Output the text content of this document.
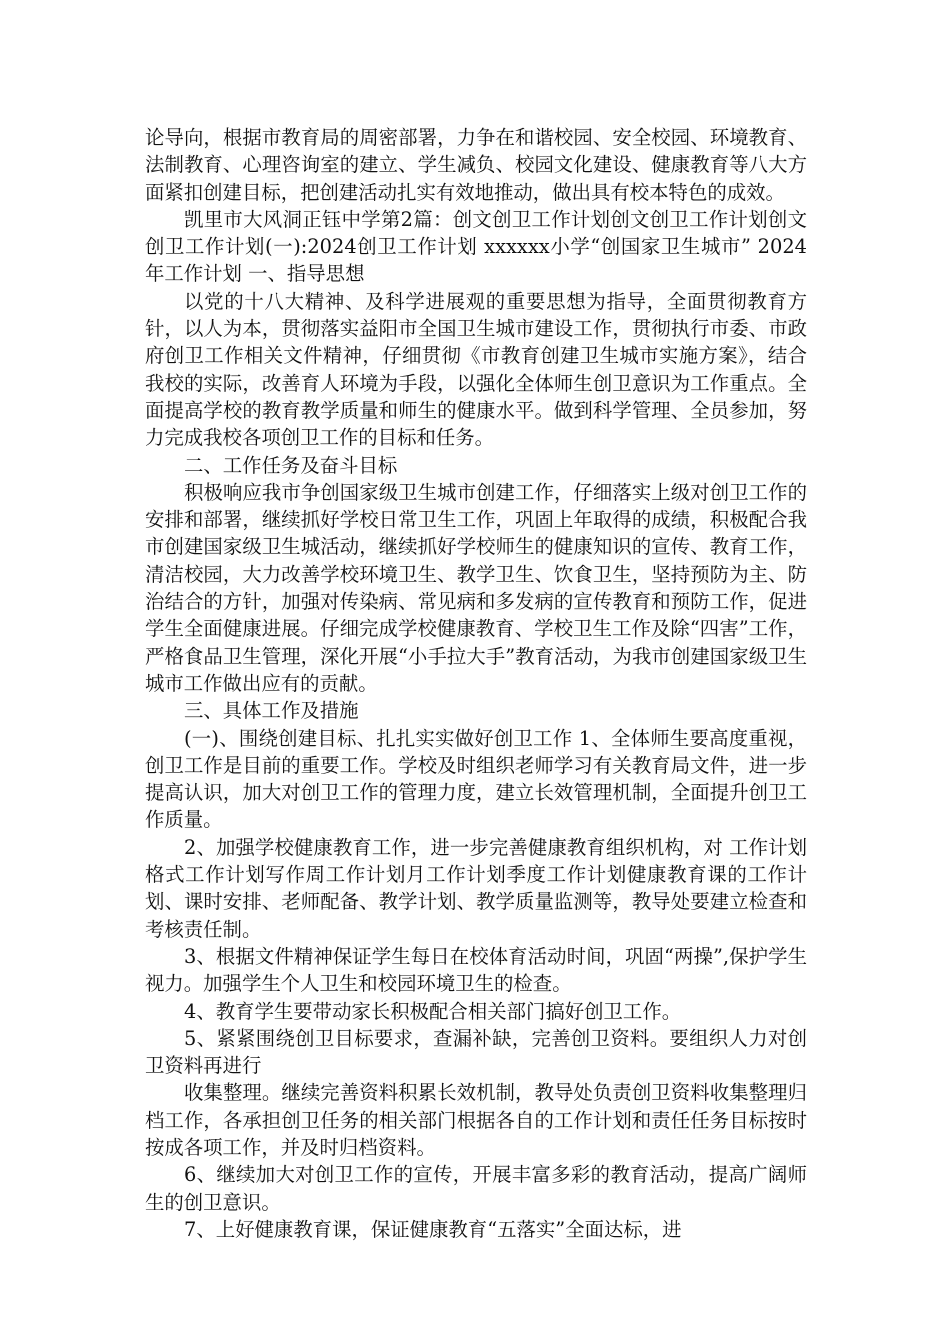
论导向，根据市教育局的周密部署，力争在和谐校园、安全校园、环境教育、法制教育、心理咨询室的建立、学生减负、校园文化建设、健康教育等八大方面紧扣创建目标，把创建活动扎实有效地推动，做出具有校本特色的成效。

凯里市大风洞正钰中学第2篇：创文创卫工作计划创文创卫工作计划创文创卫工作计划(一):2024创卫工作计划 xxxxxx小学“创国家卫生城市” 2024年工作计划 一、指导思想

以党的十八大精神、及科学进展观的重要思想为指导，全面贯彻教育方针，以人为本，贯彻落实益阳市全国卫生城市建设工作，贯彻执行市委、市政府创卫工作相关文件精神，仔细贯彻《市教育创建卫生城市实施方案》，结合我校的实际，改善育人环境为手段，以强化全体师生创卫意识为工作重点。全面提高学校的教育教学质量和师生的健康水平。做到科学管理、全员参加，努力完成我校各项创卫工作的目标和任务。

二、工作任务及奋斗目标

积极响应我市争创国家级卫生城市创建工作，仔细落实上级对创卫工作的安排和部署，继续抓好学校日常卫生工作，巩固上年取得的成绩，积极配合我市创建国家级卫生城活动，继续抓好学校师生的健康知识的宣传、教育工作，清洁校园，大力改善学校环境卫生、教学卫生、饮食卫生，坚持预防为主、防治结合的方针，加强对传染病、常见病和多发病的宣传教育和预防工作，促进学生全面健康进展。仔细完成学校健康教育、学校卫生工作及除“四害”工作，严格食品卫生管理，深化开展“小手拉大手”教育活动，为我市创建国家级卫生城市工作做出应有的贡献。

三、具体工作及措施

(一)、围绕创建目标、扎扎实实做好创卫工作 1、全体师生要高度重视，创卫工作是目前的重要工作。学校及时组织老师学习有关教育局文件，进一步提高认识，加大对创卫工作的管理力度，建立长效管理机制，全面提升创卫工作质量。

2、加强学校健康教育工作，进一步完善健康教育组织机构，对 工作计划格式工作计划写作周工作计划月工作计划季度工作计划健康教育课的工作计划、课时安排、老师配备、教学计划、教学质量监测等，教导处要建立检查和考核责任制。

3、根据文件精神保证学生每日在校体育活动时间，巩固“两操”,保护学生视力。加强学生个人卫生和校园环境卫生的检查。

4、教育学生要带动家长积极配合相关部门搞好创卫工作。

5、紧紧围绕创卫目标要求，查漏补缺，完善创卫资料。要组织人力对创卫资料再进行

收集整理。继续完善资料积累长效机制，教导处负责创卫资料收集整理归档工作，各承担创卫任务的相关部门根据各自的工作计划和责任任务目标按时按成各项工作，并及时归档资料。

6、继续加大对创卫工作的宣传，开展丰富多彩的教育活动，提高广阔师生的创卫意识。

7、上好健康教育课，保证健康教育“五落实”全面达标，进
